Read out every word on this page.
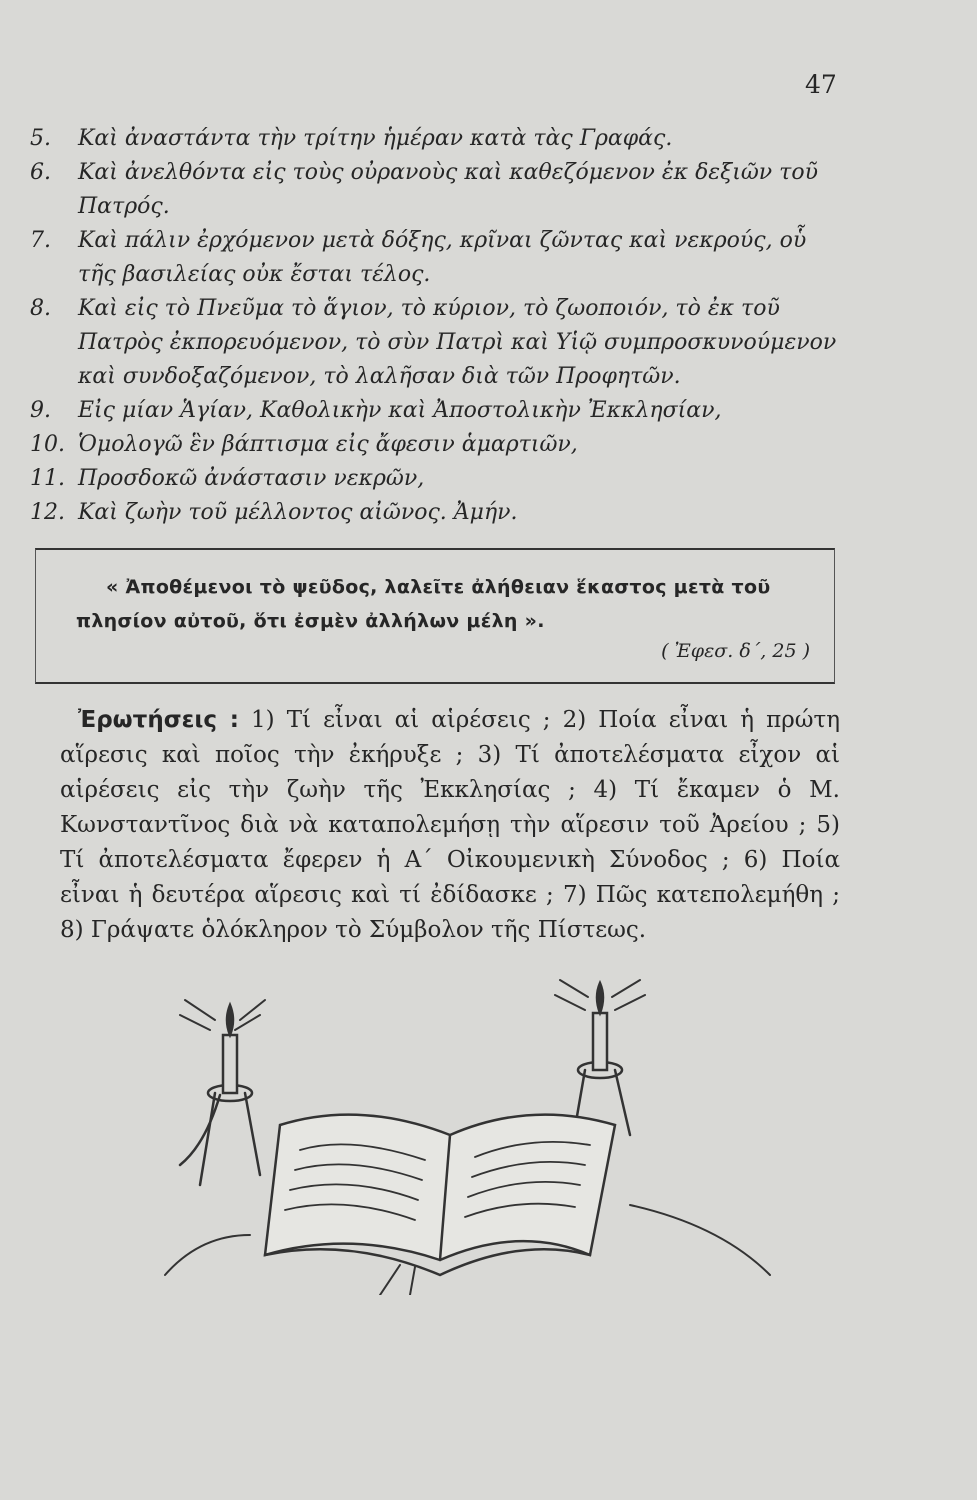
47
5.	Καὶ ἀναστάντα τὴν τρίτην ἡμέραν κατὰ τὰς Γραφάς.
6.	Καὶ ἀνελθόντα εἰς τοὺς οὐρανοὺς καὶ καθεζόμενον ἐκ δεξιῶν τοῦ Πατρός.
7.	Καὶ πάλιν ἐρχόμενον μετὰ δόξης, κρῖναι ζῶντας καὶ νεκρούς, οὗ τῆς βασιλείας οὐκ ἔσται τέλος.
8.	Καὶ εἰς τὸ Πνεῦμα τὸ ἅγιον, τὸ κύριον, τὸ ζωοποιόν, τὸ ἐκ τοῦ Πατρὸς ἐκπορευόμενον, τὸ σὺν Πατρὶ καὶ Υἱῷ συμπροσκυνούμενον καὶ συνδοξαζόμενον, τὸ λαλῆσαν διὰ τῶν Προφητῶν.
9.	Εἰς μίαν Ἁγίαν, Καθολικὴν καὶ Ἀποστολικὴν Ἐκκλησίαν,
10. Ὁμολογῶ ἓν βάπτισμα εἰς ἄφεσιν ἁμαρτιῶν,
11. Προσδοκῶ ἀνάστασιν νεκρῶν,
12. Καὶ ζωὴν τοῦ μέλλοντος αἰῶνος. Ἀμήν.
« Ἀποθέμενοι τὸ ψεῦδος, λαλεῖτε ἀλήθειαν ἕκαστος μετὰ τοῦ πλησίον αὐτοῦ, ὅτι ἐσμὲν ἀλλήλων μέλη ».
( Ἐφεσ. δ΄, 25 )
Ἐρωτήσεις : 1) Τί εἶναι αἱ αἱρέσεις ; 2) Ποία εἶναι ἡ πρώτη αἵρεσις καὶ ποῖος τὴν ἐκήρυξε ; 3) Τί ἀποτελέσματα εἶχον αἱ αἱρέσεις εἰς τὴν ζωὴν τῆς Ἐκκλησίας ; 4) Τί ἔκαμεν ὁ Μ. Κωνσταντῖνος διὰ νὰ καταπολεμήσῃ τὴν αἵρεσιν τοῦ Ἀρείου ; 5) Τί ἀποτελέσματα ἔφερεν ἡ Α΄ Οἰκουμενικὴ Σύνοδος ; 6) Ποία εἶναι ἡ δευτέρα αἵρεσις καὶ τί ἐδίδασκε ; 7) Πῶς κατεπολεμήθη ; 8) Γράψατε ὁλόκληρον τὸ Σύμβολον τῆς Πίστεως.
